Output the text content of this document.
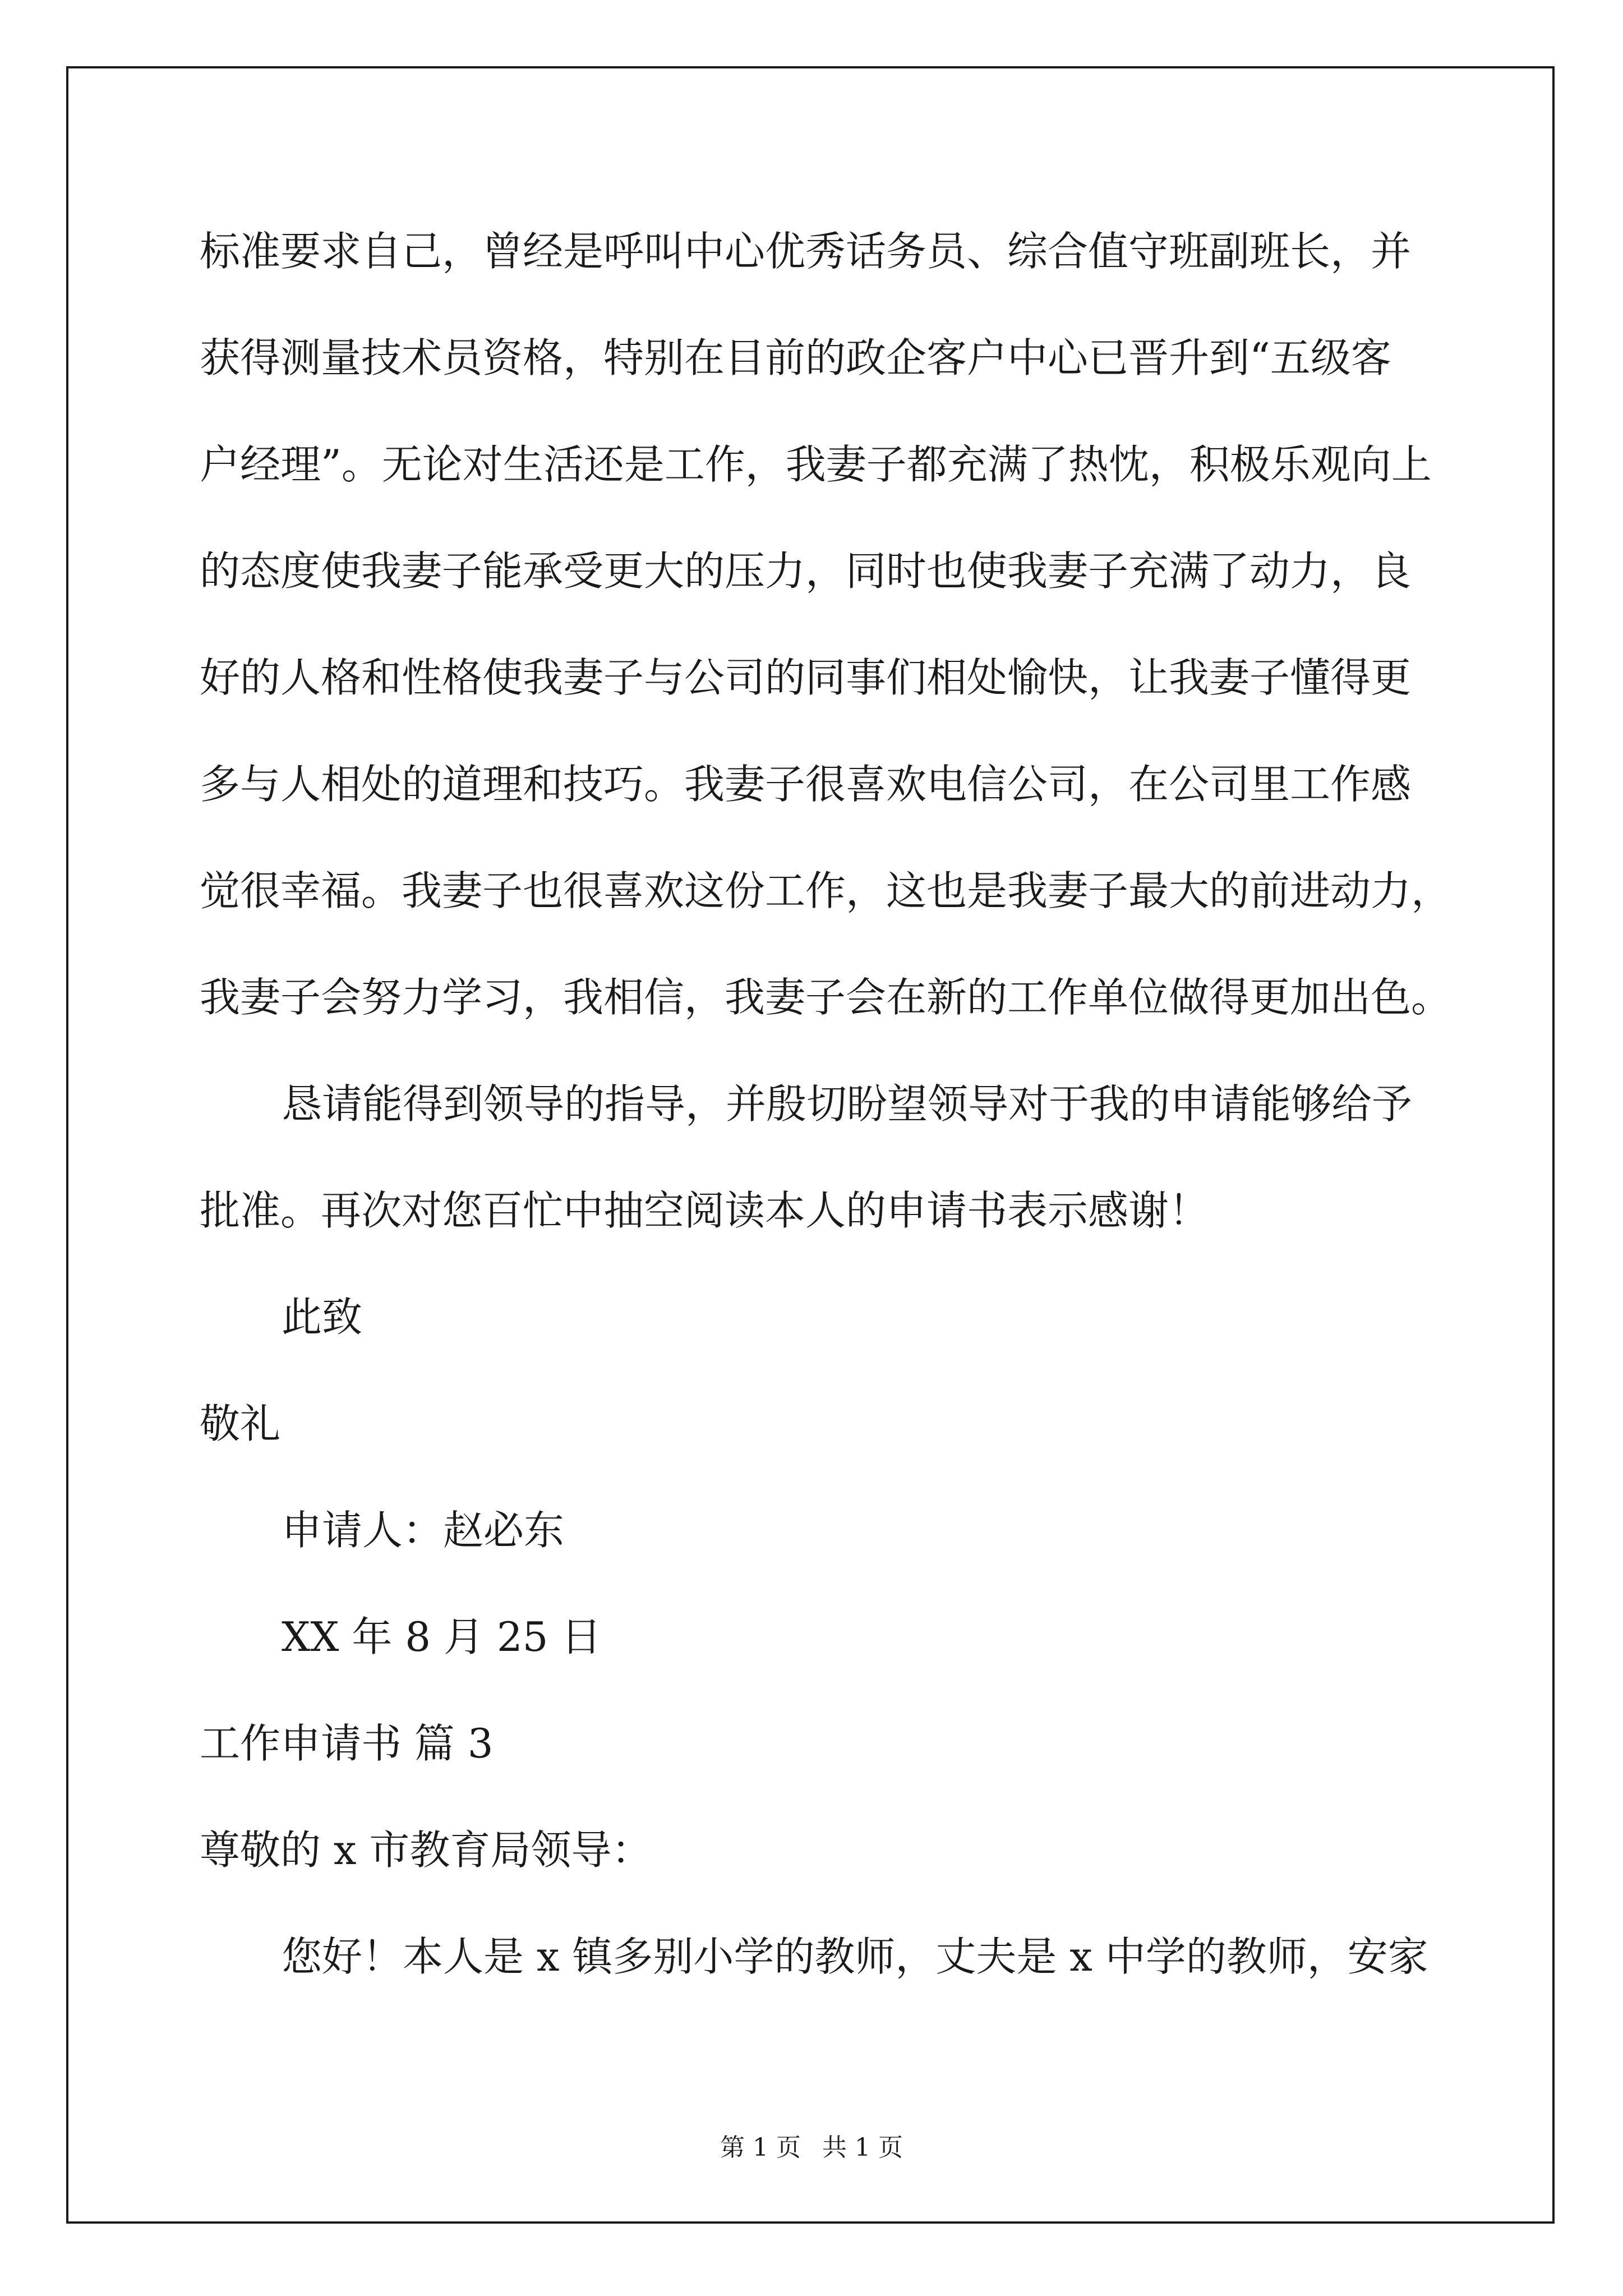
标准要求自己，曾经是呼叫中心优秀话务员、综合值守班副班长，并

获得测量技术员资格，特别在目前的政企客户中心已晋升到“五级客

户经理”。无论对生活还是工作，我妻子都充满了热忱，积极乐观向上

的态度使我妻子能承受更大的压力，同时也使我妻子充满了动力，良

好的人格和性格使我妻子与公司的同事们相处愉快，让我妻子懂得更

多与人相处的道理和技巧。我妻子很喜欢电信公司，在公司里工作感

觉很幸福。我妻子也很喜欢这份工作，这也是我妻子最大的前进动力，

我妻子会努力学习，我相信，我妻子会在新的工作单位做得更加出色。

恳请能得到领导的指导，并殷切盼望领导对于我的申请能够给予

批准。再次对您百忙中抽空阅读本人的申请书表示感谢！

此致

敬礼

申请人：赵必东

XX 年 8 月 25 日

工作申请书 篇 3

尊敬的 x 市教育局领导：

您好！本人是 x 镇多别小学的教师，丈夫是 x 中学的教师，安家

第 1 页 共 1 页
